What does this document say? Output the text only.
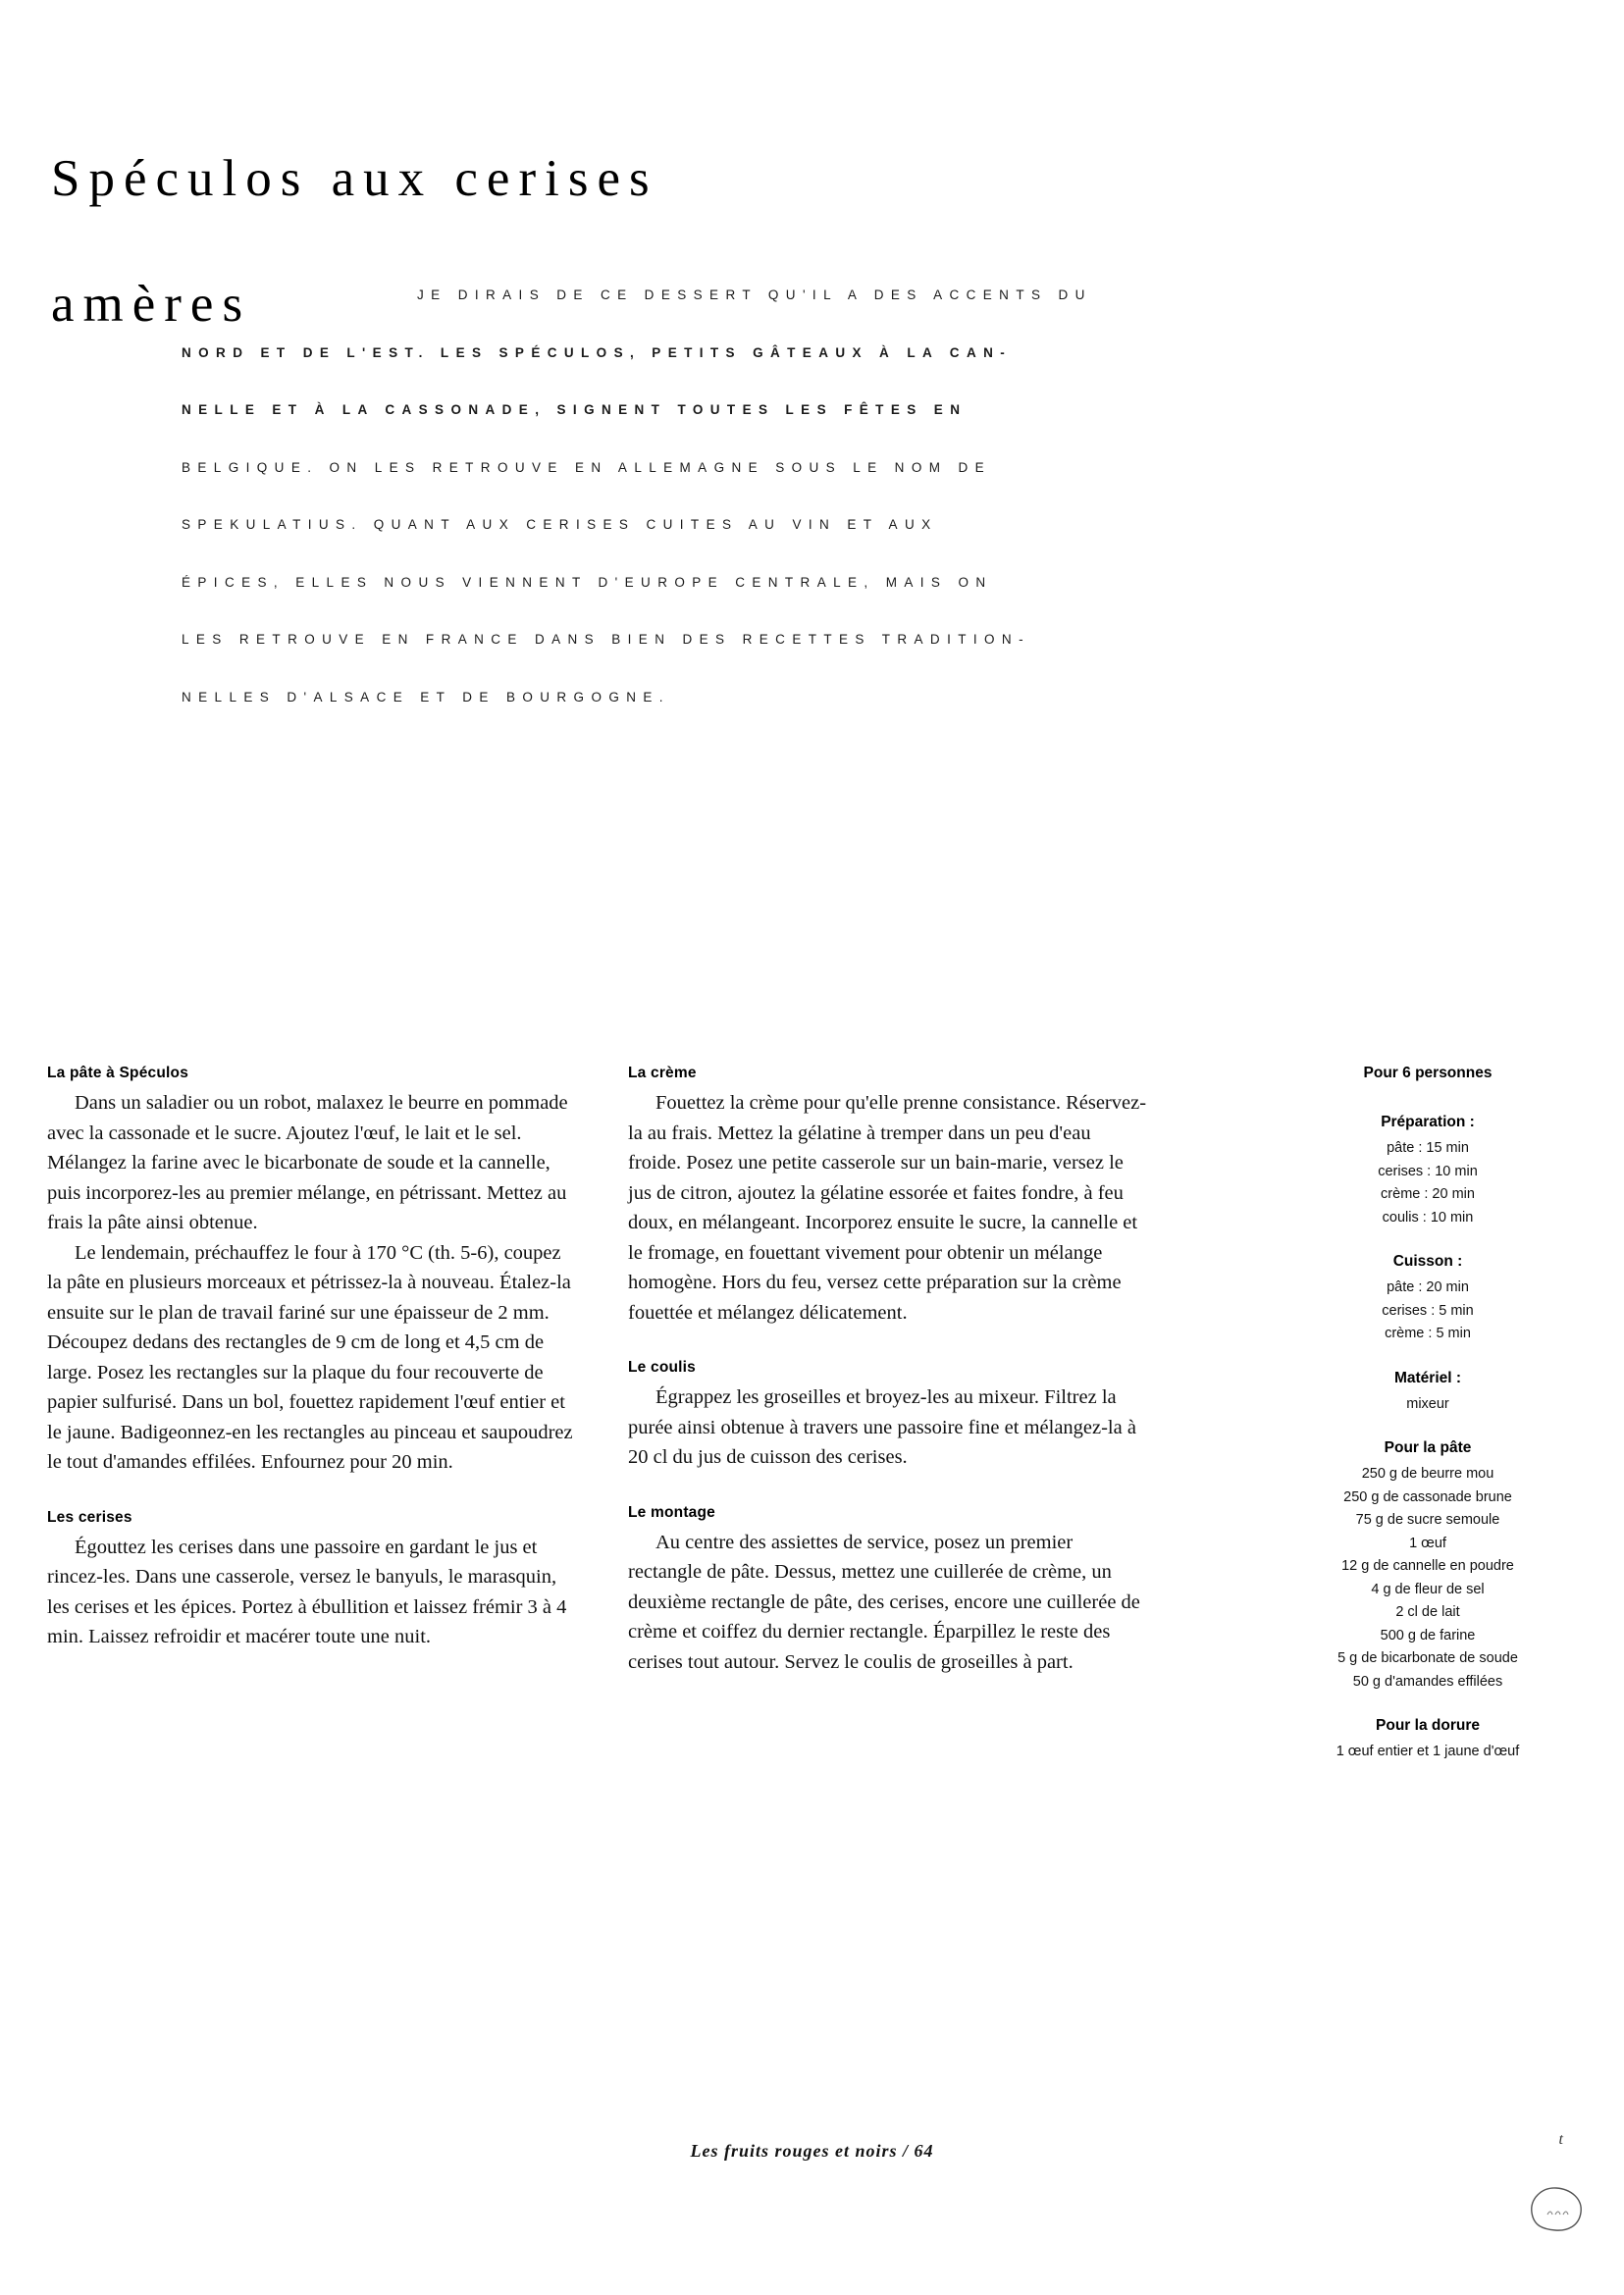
Spéculos aux cerises
amères	JE DIRAIS DE CE DESSERT QU'IL A DES ACCENTS DU
NORD ET DE L'EST. LES SPÉCULOS, PETITS GÂTEAUX À LA CAN-
NELLE ET À LA CASSONADE, SIGNENT TOUTES LES FÊTES EN
BELGIQUE. ON LES RETROUVE EN ALLEMAGNE SOUS LE NOM DE
SPEKULATIUS. QUANT AUX CERISES CUITES AU VIN ET AUX
ÉPICES, ELLES NOUS VIENNENT D'EUROPE CENTRALE, MAIS ON
LES RETROUVE EN FRANCE DANS BIEN DES RECETTES TRADITION-
NELLES D'ALSACE ET DE BOURGOGNE.
La pâte à Spéculos

Dans un saladier ou un robot, malaxez le beurre en pommade avec la cassonade et le sucre. Ajoutez l'œuf, le lait et le sel. Mélangez la farine avec le bicarbonate de soude et la cannelle, puis incorporez-les au premier mélange, en pétrissant. Mettez au frais la pâte ainsi obtenue.

Le lendemain, préchauffez le four à 170 °C (th. 5-6), coupez la pâte en plusieurs morceaux et pétrissez-la à nouveau. Étalez-la ensuite sur le plan de travail fariné sur une épaisseur de 2 mm. Découpez dedans des rectangles de 9 cm de long et 4,5 cm de large. Posez les rectangles sur la plaque du four recouverte de papier sulfurisé. Dans un bol, fouettez rapidement l'œuf entier et le jaune. Badigeonnez-en les rectangles au pinceau et saupoudrez le tout d'amandes effilées. Enfournez pour 20 min.

Les cerises

Égouttez les cerises dans une passoire en gardant le jus et rincez-les. Dans une casserole, versez le banyuls, le marasquin, les cerises et les épices. Portez à ébullition et laissez frémir 3 à 4 min. Laissez refroidir et macérer toute une nuit.

La crème

Fouettez la crème pour qu'elle prenne consistance. Réservez-la au frais. Mettez la gélatine à tremper dans un peu d'eau froide. Posez une petite casserole sur un bain-marie, versez le jus de citron, ajoutez la gélatine essorée et faites fondre, à feu doux, en mélangeant. Incorporez ensuite le sucre, la cannelle et le fromage, en fouettant vivement pour obtenir un mélange homogène. Hors du feu, versez cette préparation sur la crème fouettée et mélangez délicatement.

Le coulis

Égrappez les groseilles et broyez-les au mixeur. Filtrez la purée ainsi obtenue à travers une passoire fine et mélangez-la à 20 cl du jus de cuisson des cerises.

Le montage

Au centre des assiettes de service, posez un premier rectangle de pâte. Dessus, mettez une cuillerée de crème, un deuxième rectangle de pâte, des cerises, encore une cuillerée de crème et coiffez du dernier rectangle. Éparpillez le reste des cerises tout autour. Servez le coulis de groseilles à part.

Pour 6 personnes
Préparation :
pâte : 15 min
cerises : 10 min
crème : 20 min
coulis : 10 min
Cuisson :
pâte : 20 min
cerises : 5 min
crème : 5 min
Matériel :
mixeur
Pour la pâte
250 g de beurre mou
250 g de cassonade brune
75 g de sucre semoule
1 œuf
12 g de cannelle en poudre
4 g de fleur de sel
2 cl de lait
500 g de farine
5 g de bicarbonate de soude
50 g d'amandes effilées
Pour la dorure
1 œuf entier et 1 jaune d'œuf
Les fruits rouges et noirs / 64
t
